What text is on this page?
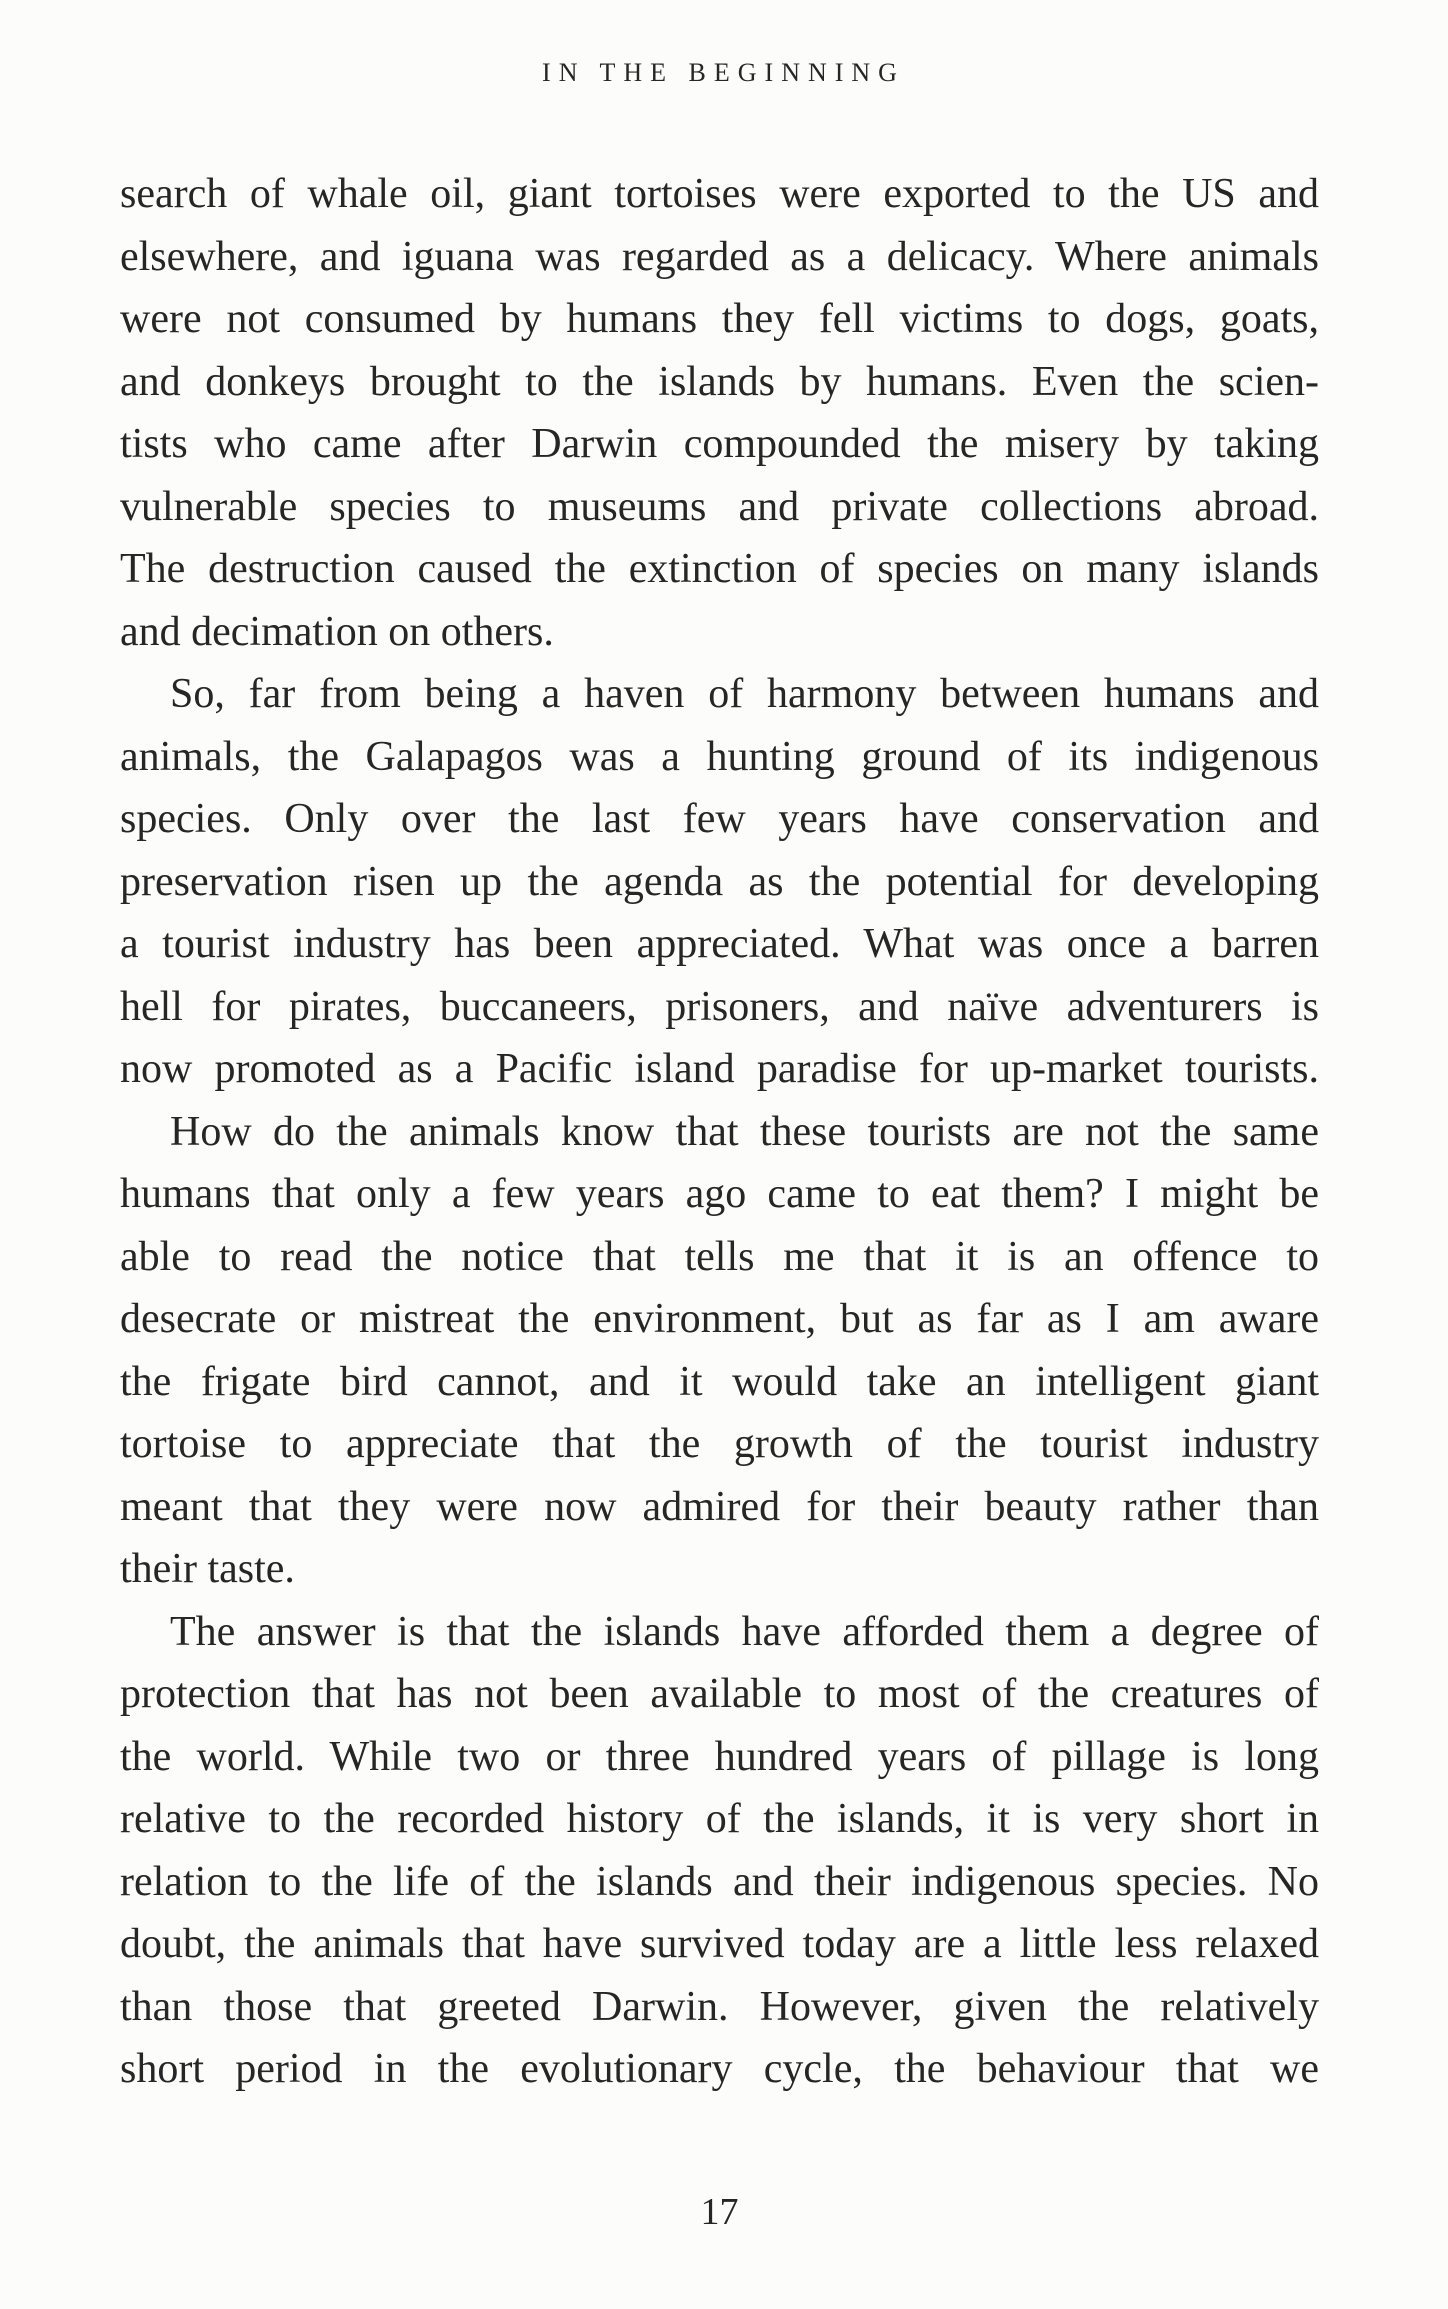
IN THE BEGINNING
search of whale oil, giant tortoises were exported to the US and
elsewhere, and iguana was regarded as a delicacy. Where animals
were not consumed by humans they fell victims to dogs, goats,
and donkeys brought to the islands by humans. Even the scien-
tists who came after Darwin compounded the misery by taking
vulnerable species to museums and private collections abroad.
The destruction caused the extinction of species on many islands
and decimation on others.
So, far from being a haven of harmony between humans and
animals, the Galapagos was a hunting ground of its indigenous
species. Only over the last few years have conservation and
preservation risen up the agenda as the potential for developing
a tourist industry has been appreciated. What was once a barren
hell for pirates, buccaneers, prisoners, and naïve adventurers is
now promoted as a Pacific island paradise for up-market tourists.
How do the animals know that these tourists are not the same
humans that only a few years ago came to eat them? I might be
able to read the notice that tells me that it is an offence to
desecrate or mistreat the environment, but as far as I am aware
the frigate bird cannot, and it would take an intelligent giant
tortoise to appreciate that the growth of the tourist industry
meant that they were now admired for their beauty rather than
their taste.
The answer is that the islands have afforded them a degree of
protection that has not been available to most of the creatures of
the world. While two or three hundred years of pillage is long
relative to the recorded history of the islands, it is very short in
relation to the life of the islands and their indigenous species. No
doubt, the animals that have survived today are a little less relaxed
than those that greeted Darwin. However, given the relatively
short period in the evolutionary cycle, the behaviour that we
17
